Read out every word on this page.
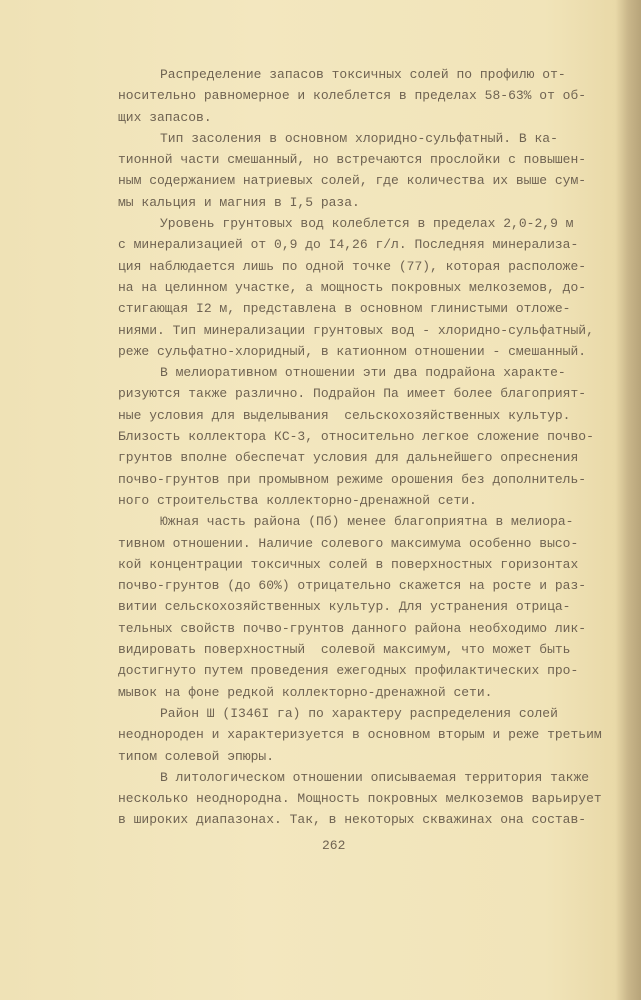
Распределение запасов токсичных солей по профилю от-
носительно равномерное и колеблется в пределах 58-63% от об-
щих запасов.
Тип засоления в основном хлоридно-сульфатный. В ка-
тионной части смешанный, но встречаются прослойки с повышен-
ным содержанием натриевых солей, где количества их выше сум-
мы кальция и магния в I,5 раза.
Уровень грунтовых вод колеблется в пределах 2,0-2,9 м
с минерализацией от 0,9 до I4,26 г/л. Последняя минерализа-
ция наблюдается лишь по одной точке (77), которая расположе-
на на целинном участке, а мощность покровных мелкоземов, до-
стигающая I2 м, представлена в основном глинистыми отложе-
ниями. Тип минерализации грунтовых вод - хлоридно-сульфатный,
реже сульфатно-хлоридный, в катионном отношении - смешанный.
В мелиоративном отношении эти два подрайона характе-
ризуются также различно. Подрайон Па имеет более благоприят-
ные условия для выделывания  сельскохозяйственных культур.
Близость коллектора КС-3, относительно легкое сложение почво-
грунтов вполне обеспечат условия для дальнейшего опреснения
почво-грунтов при промывном режиме орошения без дополнитель-
ного строительства коллекторно-дренажной сети.
Южная часть района (Пб) менее благоприятна в мелиора-
тивном отношении. Наличие солевого максимума особенно высо-
кой концентрации токсичных солей в поверхностных горизонтах
почво-грунтов (до 60%) отрицательно скажется на росте и раз-
витии сельскохозяйственных культур. Для устранения отрица-
тельных свойств почво-грунтов данного района необходимо лик-
видировать поверхностный  солевой максимум, что может быть
достигнуто путем проведения ежегодных профилактических про-
мывок на фоне редкой коллекторно-дренажной сети.
Район Ш (I346I га) по характеру распределения солей
неоднороден и характеризуется в основном вторым и реже третьим
типом солевой эпюры.
В литологическом отношении описываемая территория также
несколько неоднородна. Мощность покровных мелкоземов варьирует
в широких диапазонах. Так, в некоторых скважинах она состав-
262
